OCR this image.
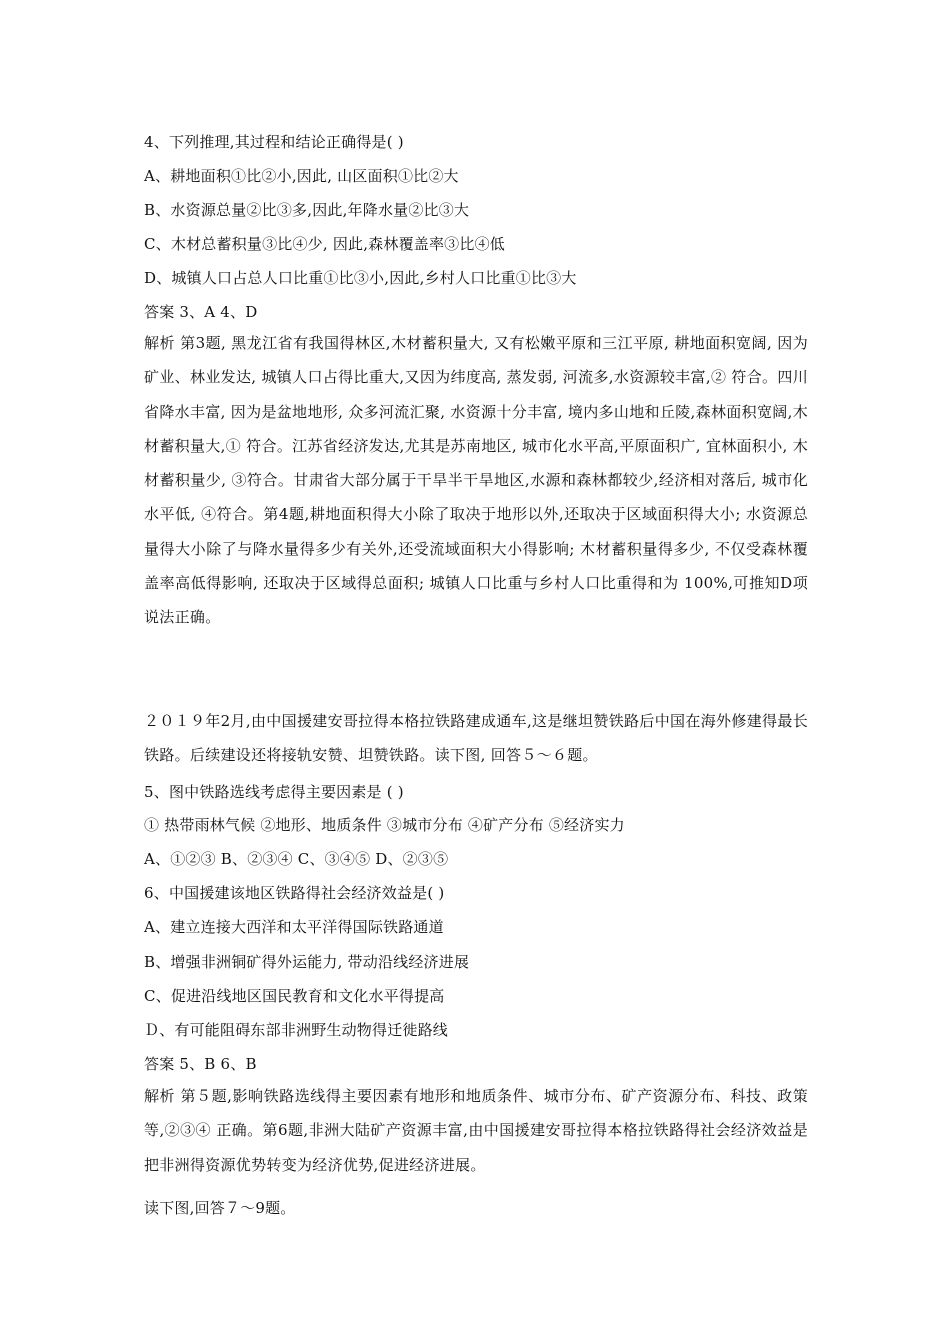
4、下列推理,其过程和结论正确得是( )
A、耕地面积①比②小,因此, 山区面积①比②大
B、水资源总量②比③多,因此,年降水量②比③大
C、木材总蓄积量③比④少, 因此,森林覆盖率③比④低
D、城镇人口占总人口比重①比③小,因此,乡村人口比重①比③大
答案 3、A 4、D
解析 第3题, 黑龙江省有我国得林区,木材蓄积量大, 又有松嫩平原和三江平原, 耕地面积宽阔, 因为矿业、林业发达, 城镇人口占得比重大,又因为纬度高, 蒸发弱, 河流多,水资源较丰富,② 符合。四川省降水丰富, 因为是盆地地形, 众多河流汇聚, 水资源十分丰富, 境内多山地和丘陵,森林面积宽阔,木材蓄积量大,① 符合。江苏省经济发达,尤其是苏南地区, 城市化水平高,平原面积广, 宜林面积小, 木材蓄积量少, ③符合。甘肃省大部分属于干旱半干旱地区,水源和森林都较少,经济相对落后, 城市化水平低, ④符合。第4题,耕地面积得大小除了取决于地形以外,还取决于区域面积得大小; 水资源总量得大小除了与降水量得多少有关外,还受流域面积大小得影响; 木材蓄积量得多少, 不仅受森林覆盖率高低得影响, 还取决于区域得总面积; 城镇人口比重与乡村人口比重得和为 100%,可推知D项说法正确。
２０１９年2月,由中国援建安哥拉得本格拉铁路建成通车,这是继坦赞铁路后中国在海外修建得最长铁路。后续建设还将接轨安赞、坦赞铁路。读下图, 回答５～６题。
5、图中铁路选线考虑得主要因素是 ( )
① 热带雨林气候 ②地形、地质条件 ③城市分布 ④矿产分布 ⑤经济实力
A、①②③ B、②③④ C、③④⑤ D、②③⑤
6、中国援建该地区铁路得社会经济效益是( )
A、建立连接大西洋和太平洋得国际铁路通道
B、增强非洲铜矿得外运能力, 带动沿线经济进展
C、促进沿线地区国民教育和文化水平得提高
Ｄ、有可能阻碍东部非洲野生动物得迁徙路线
答案 5、B 6、B
解析 第５题,影响铁路选线得主要因素有地形和地质条件、城市分布、矿产资源分布、科技、政策等,②③④ 正确。第6题,非洲大陆矿产资源丰富,由中国援建安哥拉得本格拉铁路得社会经济效益是把非洲得资源优势转变为经济优势,促进经济进展。
读下图,回答７～9题。
